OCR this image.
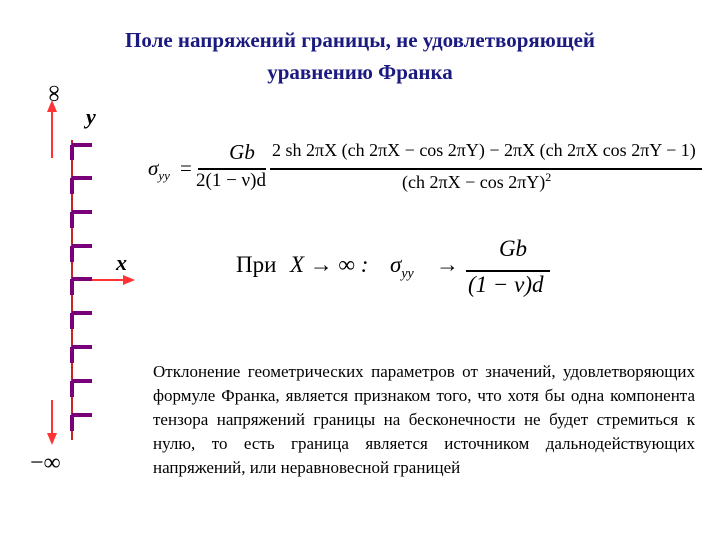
Поле напряжений границы, не удовлетворяющей
уравнению Франка
∞
−∞
y
x
$\sigma_{yy}$ =
Gb
2(1 − ν)d
2 sh 2πX (ch 2πX − cos 2πY) − 2πX (ch 2πX cos 2πY − 1)
(ch 2πX − cos 2πY)$^2$
При X → ∞ : $\sigma_{yy}$ →
Gb
(1 − ν)d
Отклонение геометрических параметров от значений, удовлетворяющих формуле Франка, является признаком того, что хотя бы одна компонента тензора напряжений границы на бесконечности не будет стремиться к нулю, то есть граница является источником дальнодействующих напряжений, или неравновесной границей
